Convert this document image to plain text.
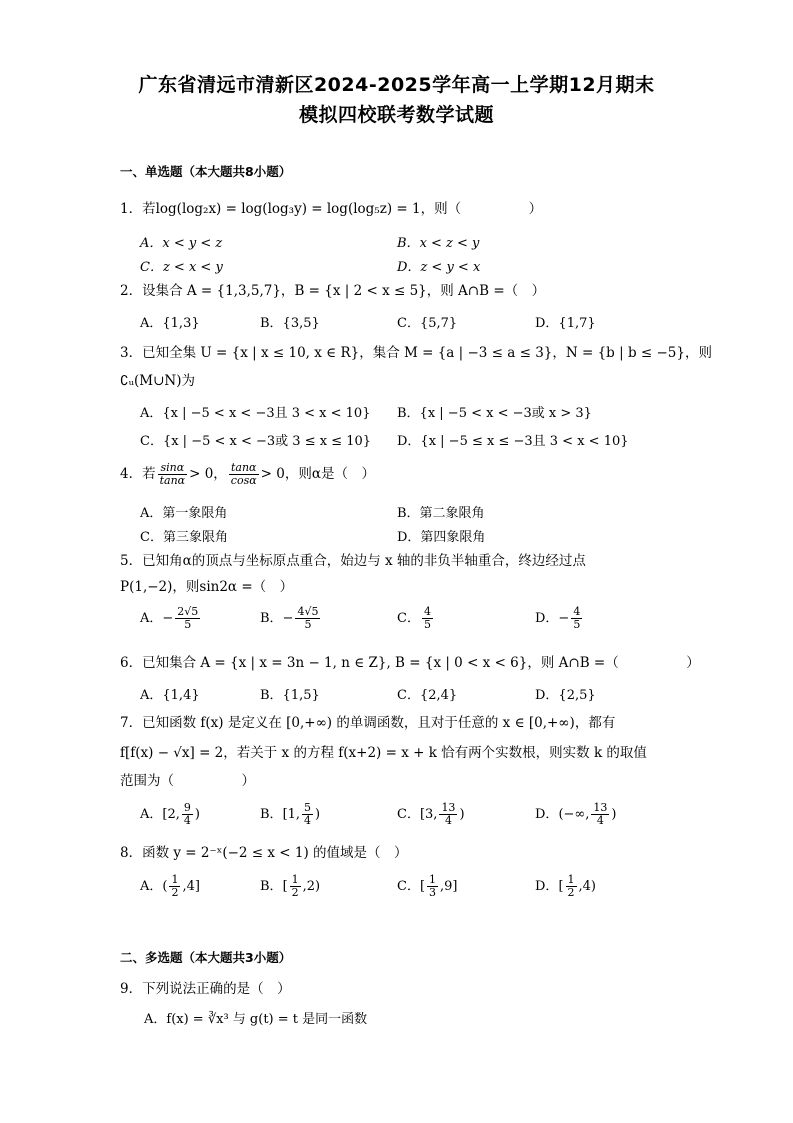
广东省清远市清新区2024-2025学年高一上学期12月期末
模拟四校联考数学试题
一、单选题（本大题共8小题）
1．若log(log₂x) = log(log₃y) = log(log₅z) = 1，则（　　　　　）
A．x < y < z	B．x < z < y
C．z < x < y	D．z < y < x
2．设集合 A = {1,3,5,7}，B = {x | 2 < x ≤ 5}，则 A∩B =（　）
A．{1,3}	B．{3,5}	C．{5,7}	D．{1,7}
3．已知全集 U = {x | x ≤ 10, x ∈ R}，集合 M = {a | −3 ≤ a ≤ 3}，N = {b | b ≤ −5}，则
∁ᵤ(M∪N)为
A．{x | −5 < x < −3且 3 < x < 10} B．{x | −5 < x < −3或 x > 3}
C．{x | −5 < x < −3或 3 ≤ x ≤ 10} D．{x | −5 ≤ x ≤ −3且 3 < x < 10}
4．若 $\frac{\sin\alpha}{\tan\alpha} > 0$， $\frac{\tan\alpha}{\cos\alpha} > 0$，则α是（　）
A．第一象限角	B．第二象限角
C．第三象限角	D．第四象限角
5．已知角α的顶点与坐标原点重合，始边与 x 轴的非负半轴重合，终边经过点
P(1,−2)，则sin2α =（　）
A．− $\frac{2√5}{5}$	B．− $\frac{4√5}{5}$	C． $\frac{4}{5}$	D．− $\frac{4}{5}$
6．已知集合 A = {x | x = 3n − 1, n ∈ Z}, B = {x | 0 < x < 6}，则 A∩B =（　　　　　）
A．{1,4}	B．{1,5}	C．{2,4}	D．{2,5}
7．已知函数 f(x) 是定义在 [0,+∞) 的单调函数，且对于任意的 x ∈ [0,+∞)，都有
f[f(x) − √x] = 2，若关于 x 的方程 f(x+2) = x + k 恰有两个实数根，则实数 k 的取值
范围为（　　　　　）
A．[2, $\frac{9}{4}$ )	B．[1, $\frac{5}{4}$ )	C．[3, $\frac{13}{4}$ )	D．(−∞, $\frac{13}{4}$ )
8．函数 y = 2⁻ˣ(−2 ≤ x < 1) 的值域是（　）
A．( $\frac{1}{2} ,4$]	B．[ $\frac{1}{2} ,2$)	C．[ $\frac{1}{3} ,9$]	D．[ $\frac{1}{2} ,4$)
二、多选题（本大题共3小题）
9．下列说法正确的是（　）
A．f(x) = ∛x³ 与 g(t) = t 是同一函数
